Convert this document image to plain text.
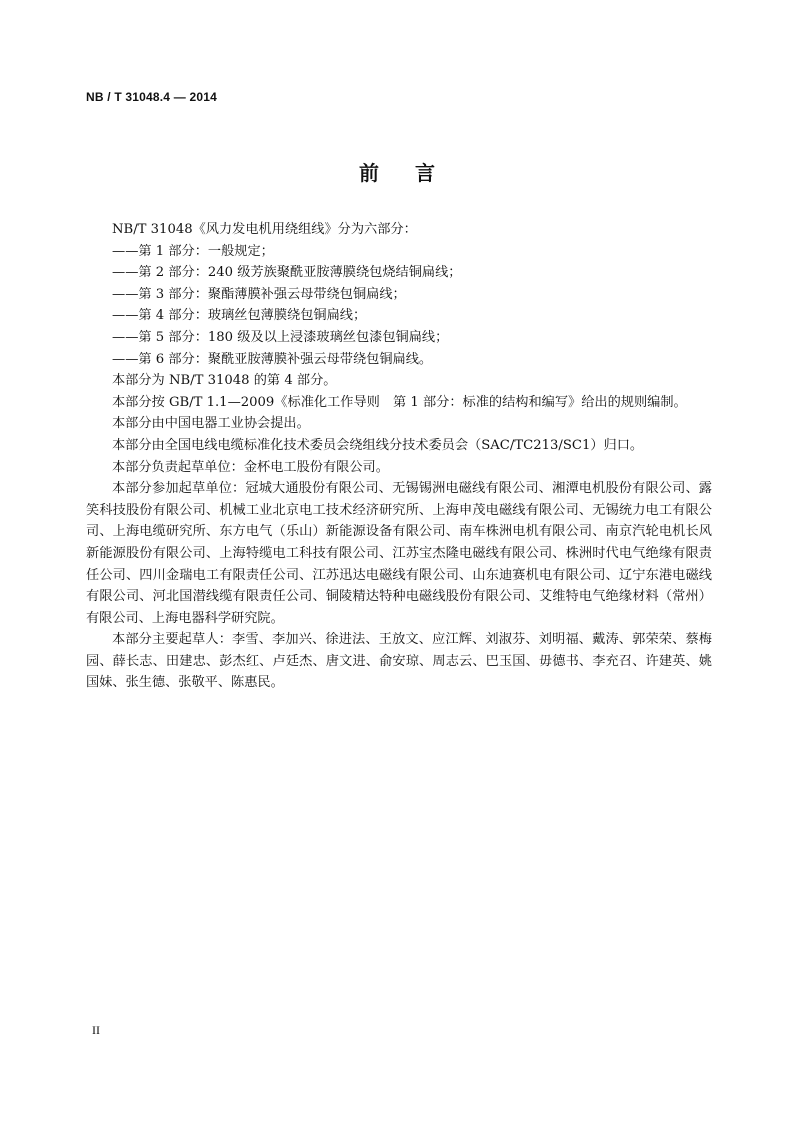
NB / T 31048.4 — 2014
前言

NB/T 31048《风力发电机用绕组线》分为六部分：

——第 1 部分：一般规定；

——第 2 部分：240 级芳族聚酰亚胺薄膜绕包烧结铜扁线；

——第 3 部分：聚酯薄膜补强云母带绕包铜扁线；

——第 4 部分：玻璃丝包薄膜绕包铜扁线；

——第 5 部分：180 级及以上浸漆玻璃丝包漆包铜扁线；

——第 6 部分：聚酰亚胺薄膜补强云母带绕包铜扁线。

本部分为 NB/T 31048 的第 4 部分。

本部分按 GB/T 1.1—2009《标准化工作导则　第 1 部分：标准的结构和编写》给出的规则编制。

本部分由中国电器工业协会提出。

本部分由全国电线电缆标准化技术委员会绕组线分技术委员会（SAC/TC213/SC1）归口。

本部分负责起草单位：金杯电工股份有限公司。

本部分参加起草单位：冠城大通股份有限公司、无锡锡洲电磁线有限公司、湘潭电机股份有限公司、露笑科技股份有限公司、机械工业北京电工技术经济研究所、上海申茂电磁线有限公司、无锡统力电工有限公司、上海电缆研究所、东方电气（乐山）新能源设备有限公司、南车株洲电机有限公司、南京汽轮电机长风新能源股份有限公司、上海特缆电工科技有限公司、江苏宝杰隆电磁线有限公司、株洲时代电气绝缘有限责任公司、四川金瑞电工有限责任公司、江苏迅达电磁线有限公司、山东迪赛机电有限公司、辽宁东港电磁线有限公司、河北国潜线缆有限责任公司、铜陵精达特种电磁线股份有限公司、艾维特电气绝缘材料（常州）有限公司、上海电器科学研究院。

本部分主要起草人：李雪、李加兴、徐进法、王放文、应江辉、刘淑芬、刘明福、戴涛、郭荣荣、蔡梅园、薛长志、田建忠、彭杰红、卢廷杰、唐文进、俞安琼、周志云、巴玉国、毋德书、李充召、许建英、姚国妹、张生德、张敬平、陈惠民。

II
